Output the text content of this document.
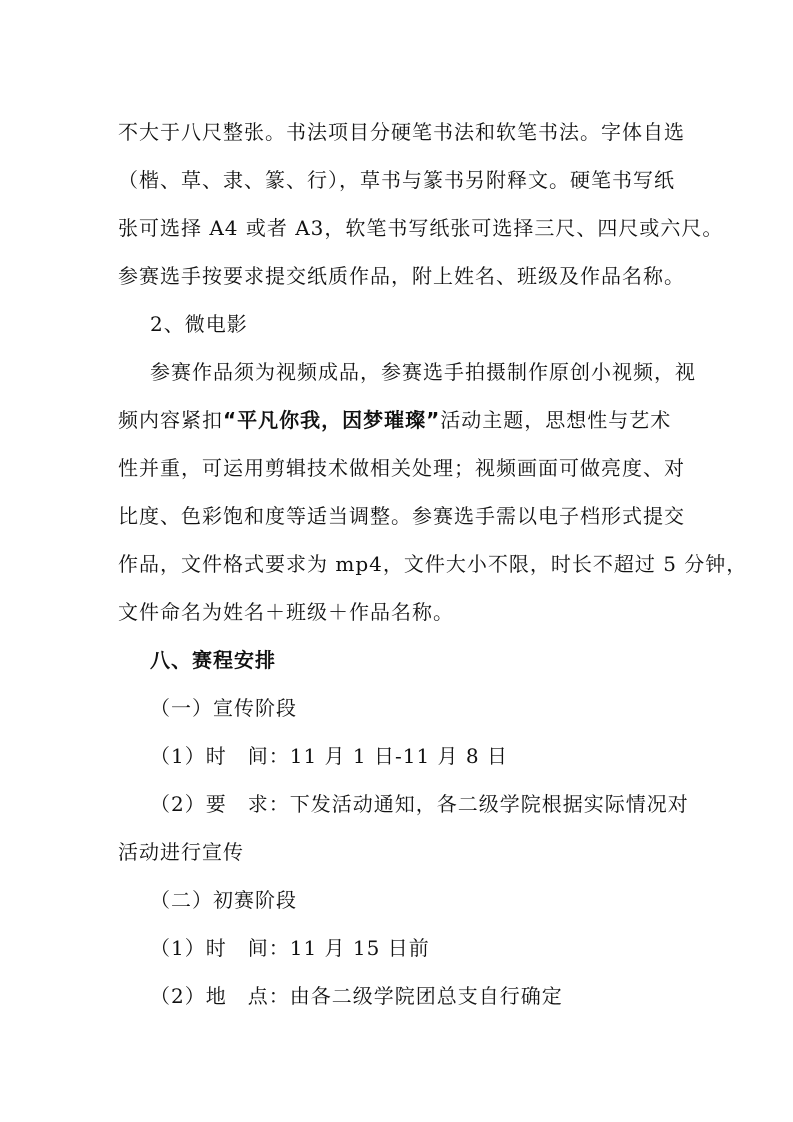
不大于八尺整张。书法项目分硬笔书法和软笔书法。字体自选
（楷、草、隶、篆、行），草书与篆书另附释文。硬笔书写纸
张可选择 A4 或者 A3，软笔书写纸张可选择三尺、四尺或六尺。
参赛选手按要求提交纸质作品，附上姓名、班级及作品名称。
2、微电影
参赛作品须为视频成品，参赛选手拍摄制作原创小视频，视
频内容紧扣“平凡你我，因梦璀璨”活动主题，思想性与艺术
性并重，可运用剪辑技术做相关处理；视频画面可做亮度、对
比度、色彩饱和度等适当调整。参赛选手需以电子档形式提交
作品，文件格式要求为 mp4，文件大小不限，时长不超过 5 分钟，
文件命名为姓名＋班级＋作品名称。
八、赛程安排
（一）宣传阶段
（1）时　间：11 月 1 日-11 月 8 日
（2）要　求：下发活动通知，各二级学院根据实际情况对
活动进行宣传
（二）初赛阶段
（1）时　间：11 月 15 日前
（2）地　点：由各二级学院团总支自行确定
